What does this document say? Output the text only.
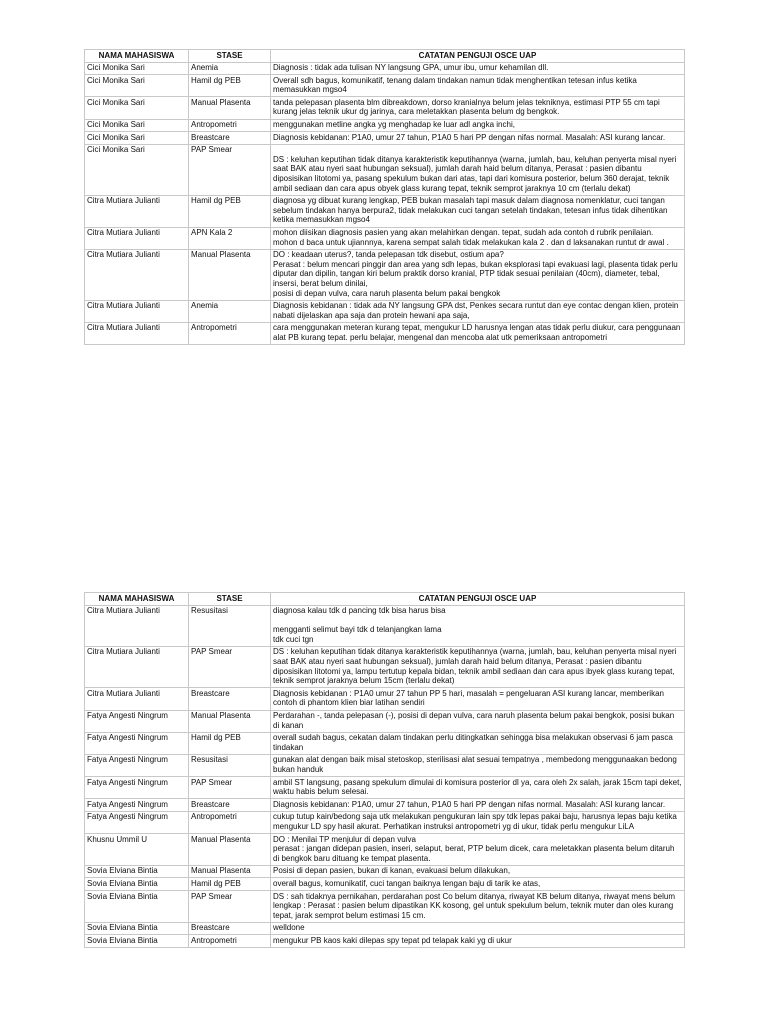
NAMA MAHASISWA	STASE	CATATAN PENGUJI OSCE UAP
Cici Monika Sari	Anemia	Diagnosis : tidak ada tulisan NY langsung GPA, umur ibu, umur kehamilan dll.
Cici Monika Sari	Hamil dg PEB	Overall sdh bagus, komunikatif, tenang dalam tindakan namun tidak menghentikan tetesan infus ketika memasukkan mgso4
Cici Monika Sari	Manual Plasenta	tanda pelepasan plasenta blm dibreakdown, dorso kranialnya belum jelas tekniknya, estimasi PTP 55 cm tapi kurang jelas teknik ukur dg jarinya, cara meletakkan plasenta belum dg bengkok.
Cici Monika Sari	Antropometri	menggunakan metline angka yg menghadap ke luar adl angka inchi,
Cici Monika Sari	Breastcare	Diagnosis kebidanan: P1A0, umur 27 tahun, P1A0 5 hari PP dengan nifas normal. Masalah: ASI kurang lancar.
Cici Monika Sari	PAP Smear	
DS : keluhan keputihan tidak ditanya karakteristik keputihannya (warna, jumlah, bau, keluhan penyerta misal nyeri saat BAK atau nyeri saat hubungan seksual), jumlah darah haid belum ditanya, Perasat : pasien dibantu diposisikan litotomi ya, pasang spekulum bukan dari atas, tapi dari komisura posterior, belum 360 derajat, teknik ambil sediaan dan cara apus obyek glass kurang tepat, teknik semprot jaraknya 10 cm (terlalu dekat)
Citra Mutiara Julianti	Hamil dg PEB	diagnosa yg dibuat kurang lengkap, PEB bukan masalah tapi masuk dalam diagnosa nomenklatur, cuci tangan sebelum tindakan hanya berpura2, tidak melakukan cuci tangan setelah tindakan, tetesan infus tidak dihentikan ketika memasukkan mgso4
Citra Mutiara Julianti	APN Kala 2	mohon diisikan diagnosis pasien yang akan melahirkan dengan. tepat, sudah ada contoh d rubrik penilaian.
mohon d baca untuk ujiannnya, karena sempat salah tidak melakukan kala 2 . dan d laksanakan runtut dr awal .
Citra Mutiara Julianti	Manual Plasenta	DO : keadaan uterus?, tanda pelepasan tdk disebut, ostium apa?
Perasat : belum mencari pinggir dan area yang sdh lepas, bukan eksplorasi tapi evakuasi lagi, plasenta tidak perlu diputar dan dipilin, tangan kiri belum praktik dorso kranial, PTP tidak sesuai penilaian (40cm), diameter, tebal, insersi, berat belum dinilai,
posisi di depan vulva, cara naruh plasenta belum pakai bengkok

Citra Mutiara Julianti	Anemia	Diagnosis kebidanan : tidak ada NY langsung GPA dst, Penkes secara runtut dan eye contac dengan klien, protein nabati dijelaskan apa saja dan protein hewani apa saja,
Citra Mutiara Julianti	Antropometri	cara menggunakan meteran kurang tepat, mengukur LD harusnya lengan atas tidak perlu diukur, cara penggunaan alat PB kurang tepat. perlu belajar, mengenal dan mencoba alat utk pemeriksaan antropometri
NAMA MAHASISWA	STASE	CATATAN PENGUJI OSCE UAP
Citra Mutiara Julianti	Resusitasi	diagnosa kalau tdk d pancing tdk bisa harus bisa

mengganti selimut bayi tdk d telanjangkan lama
tdk cuci tgn
Citra Mutiara Julianti	PAP Smear	DS : keluhan keputihan tidak ditanya karakteristik keputihannya (warna, jumlah, bau, keluhan penyerta misal nyeri saat BAK atau nyeri saat hubungan seksual), jumlah darah haid belum ditanya, Perasat : pasien dibantu diposisikan litotomi ya, lampu tertutup kepala bidan, teknik ambil sediaan dan cara apus ibyek glass kurang tepat, teknik semprot jaraknya belum 15cm (terlalu dekat)
Citra Mutiara Julianti	Breastcare	Diagnosis kebidanan : P1A0 umur 27 tahun PP 5 hari, masalah = pengeluaran ASI kurang lancar, memberikan contoh di phantom klien biar latihan sendiri
Fatya Angesti Ningrum	Manual Plasenta	Perdarahan -, tanda pelepasan (-), posisi di depan vulva, cara naruh plasenta belum pakai bengkok, posisi bukan di kanan
Fatya Angesti Ningrum	Hamil dg PEB	overall sudah bagus, cekatan dalam tindakan perlu ditingkatkan sehingga bisa melakukan observasi 6 jam pasca tindakan
Fatya Angesti Ningrum	Resusitasi	gunakan alat dengan baik misal stetoskop, sterilisasi alat sesuai tempatnya , membedong menggunaakan bedong bukan handuk
Fatya Angesti Ningrum	PAP Smear	ambil ST langsung, pasang spekulum dimulai di komisura posterior dl ya, cara oleh 2x salah, jarak 15cm tapi deket, waktu habis belum selesai.
Fatya Angesti Ningrum	Breastcare	Diagnosis kebidanan: P1A0, umur 27 tahun, P1A0 5 hari PP dengan nifas normal. Masalah: ASI kurang lancar.
Fatya Angesti Ningrum	Antropometri	cukup tutup kain/bedong saja utk melakukan pengukuran lain spy tdk lepas pakai baju, harusnya lepas baju ketika mengukur LD spy hasil akurat. Perhatikan instruksi antropometri yg di ukur, tidak perlu mengukur LiLA
Khusnu Ummil U	Manual Plasenta	DO : Menilai TP menjulur di depan vulva
perasat : jangan didepan pasien, inseri, selaput, berat, PTP belum dicek, cara meletakkan plasenta belum ditaruh di bengkok baru dituang ke tempat plasenta.
Sovia Elviana Bintia	Manual Plasenta	Posisi di depan pasien, bukan di kanan, evakuasi belum dilakukan,
Sovia Elviana Bintia	Hamil dg PEB	overall bagus, komunikatif, cuci tangan baiknya lengan baju di tarik ke atas,
Sovia Elviana Bintia	PAP Smear	DS : sah tidaknya pernikahan, perdarahan post Co belum ditanya, riwayat KB belum ditanya, riwayat mens belum lengkap : Perasat : pasien belum dipastikan KK kosong, gel untuk spekulum belum, teknik muter dan oles kurang tepat, jarak semprot belum estimasi 15 cm.
Sovia Elviana Bintia	Breastcare	welldone
Sovia Elviana Bintia	Antropometri	mengukur PB kaos kaki dilepas spy tepat pd telapak kaki yg di ukur
